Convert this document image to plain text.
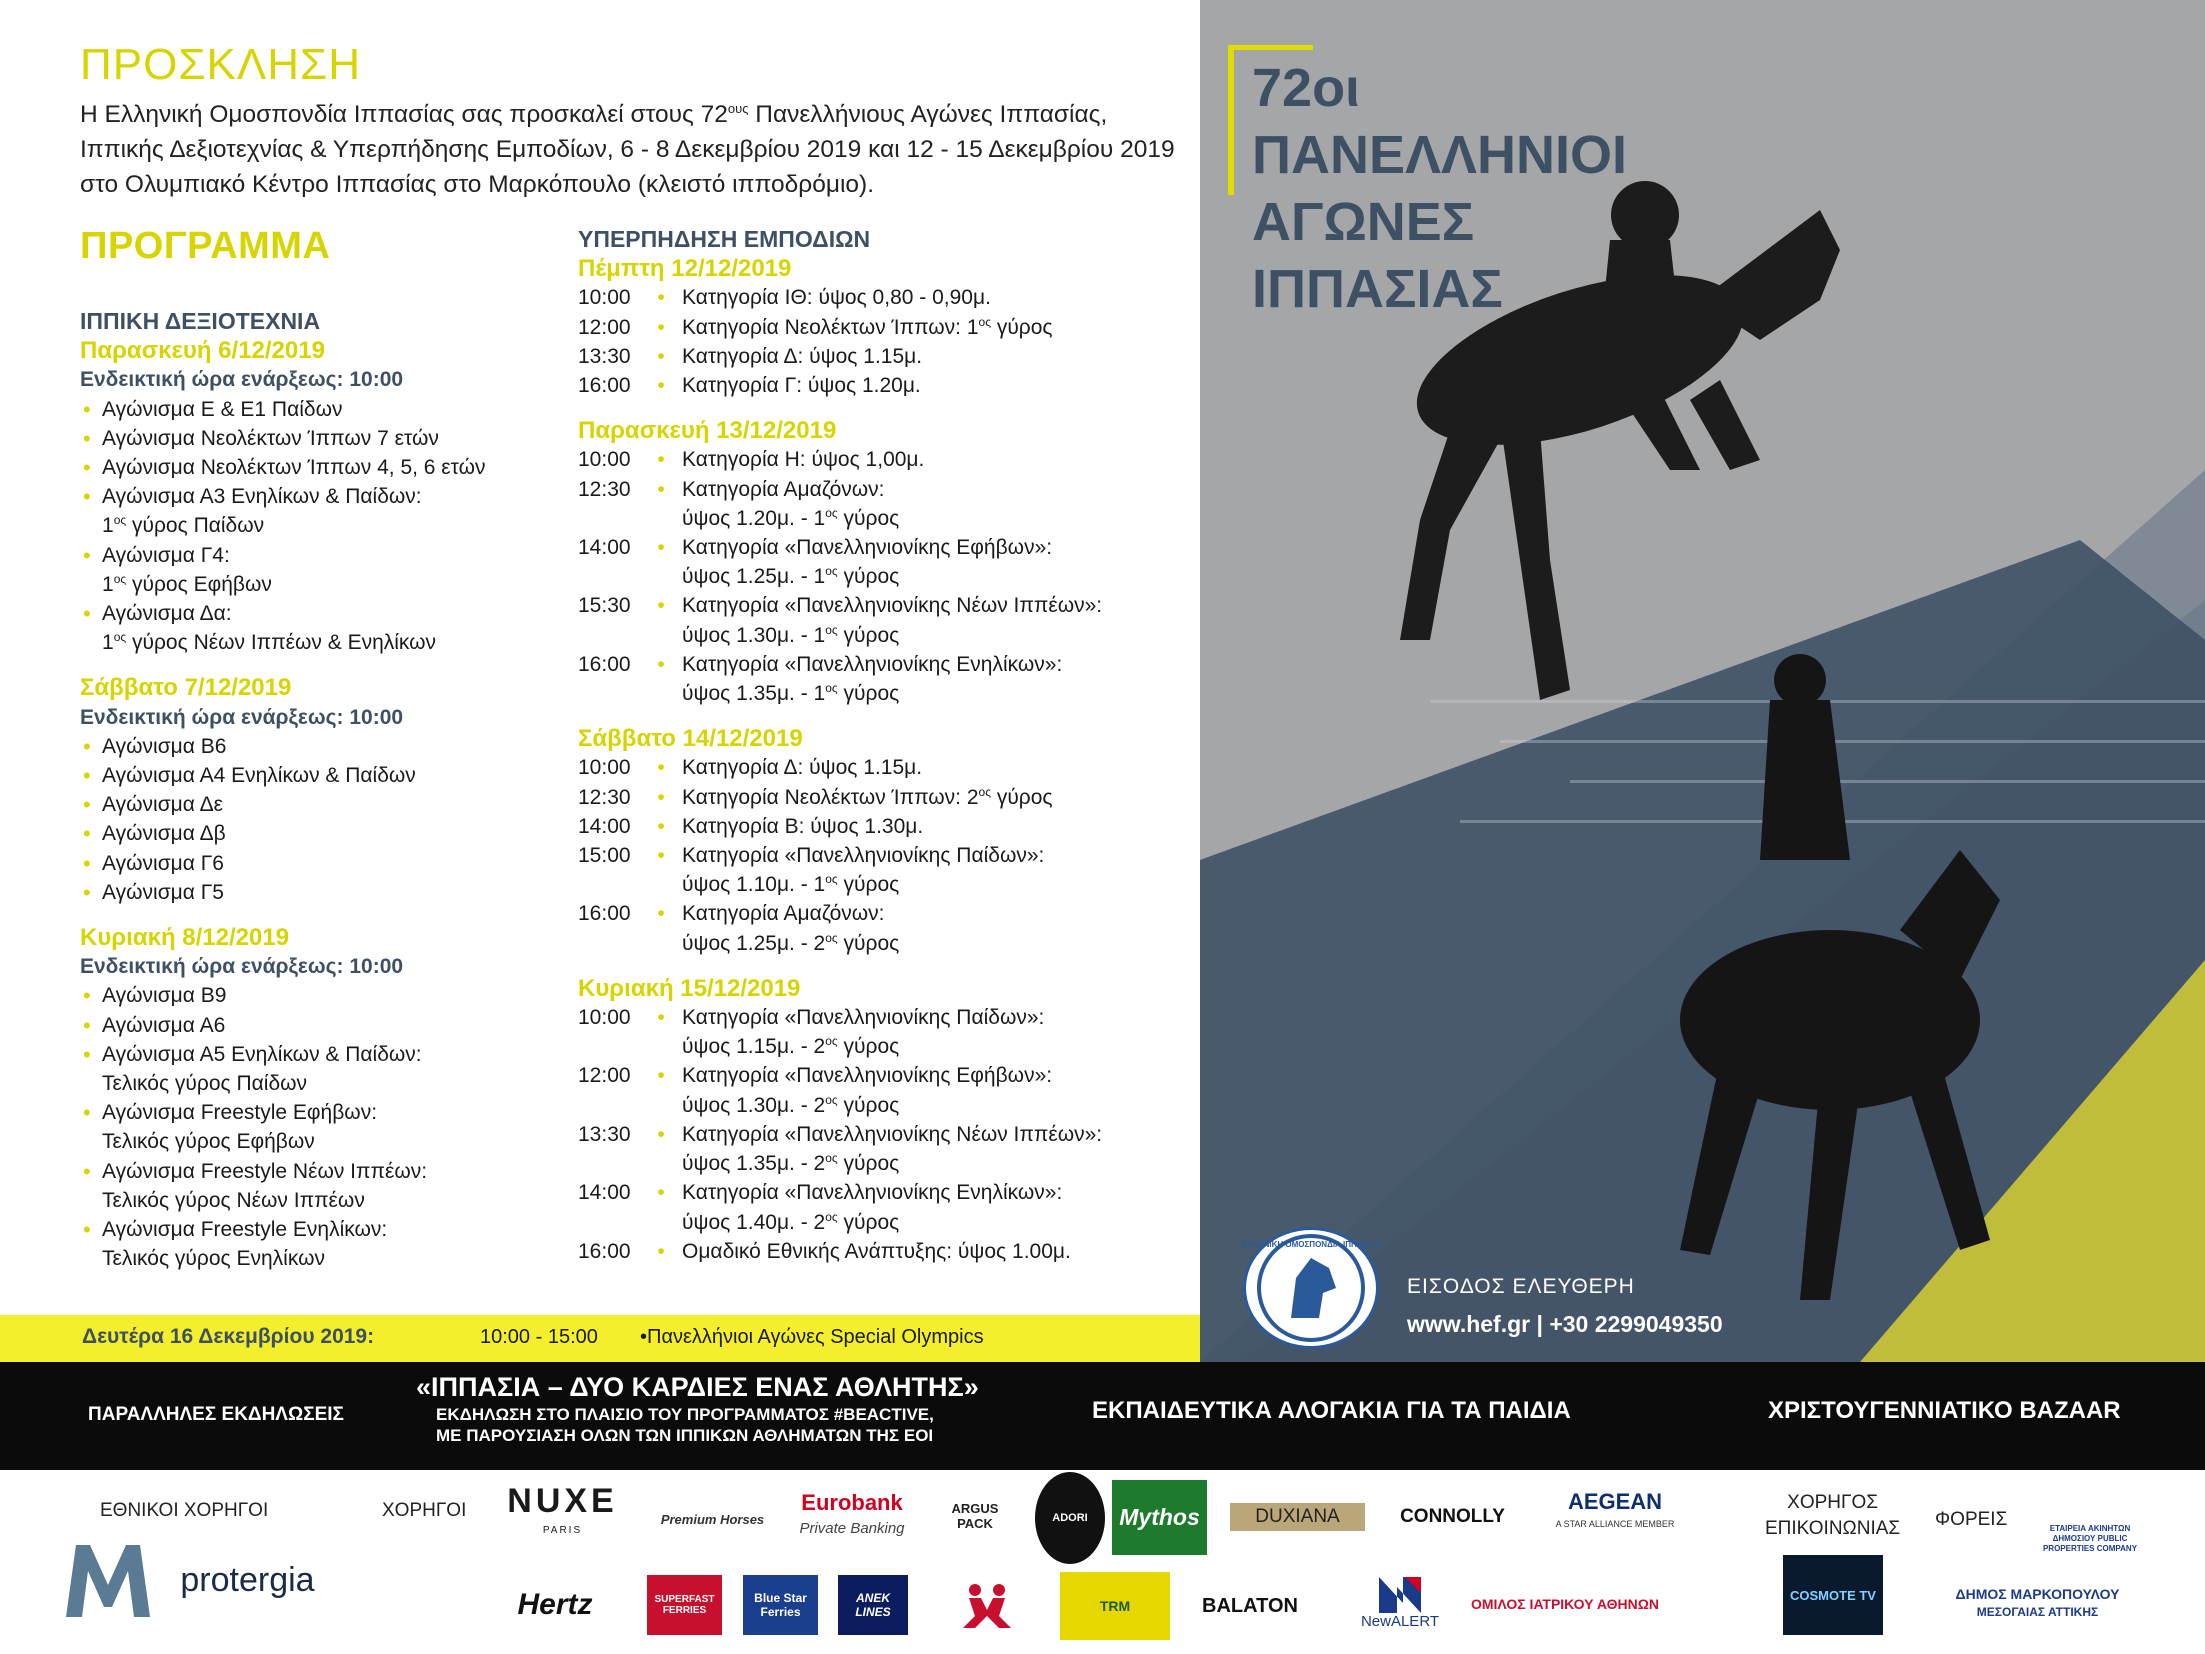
ΠΡΟΣΚΛΗΣΗ
Η Ελληνική Ομοσπονδία Ιππασίας σας προσκαλεί στους $72^{o\upsilon\varsigma}$ Πανελλήνιους Αγώνες Ιππασίας,
Ιππικής Δεξιοτεχνίας & Υπερπήδησης Εμποδίων, 6 - 8 Δεκεμβρίου 2019 και 12 - 15 Δεκεμβρίου 2019
στο Ολυμπιακό Κέντρο Ιππασίας στο Μαρκόπουλο (κλειστό ιπποδρόμιο).
ΠΡΟΓΡΑΜΜΑ
ΙΠΠΙΚΗ ΔΕΞΙΟΤΕΧΝΙΑ
Παρασκευή 6/12/2019
Ενδεικτική ώρα ενάρξεως: 10:00
• Αγώνισμα Ε & Ε1 Παίδων
• Αγώνισμα Νεολέκτων Ίππων 7 ετών
• Αγώνισμα Νεολέκτων Ίππων 4, 5, 6 ετών
• Αγώνισμα Α3 Ενηλίκων & Παίδων:
$1^{o\varsigma}$ γύρος Παίδων
• Αγώνισμα Γ4:
$1^{o\varsigma}$ γύρος Εφήβων
• Αγώνισμα Δα:
$1^{o\varsigma}$ γύρος Νέων Ιππέων & Ενηλίκων
Σάββατο 7/12/2019
Ενδεικτική ώρα ενάρξεως: 10:00
• Αγώνισμα Β6
• Αγώνισμα Α4 Ενηλίκων & Παίδων
• Αγώνισμα Δε
• Αγώνισμα Δβ
• Αγώνισμα Γ6
• Αγώνισμα Γ5
Κυριακή 8/12/2019
Ενδεικτική ώρα ενάρξεως: 10:00
• Αγώνισμα Β9
• Αγώνισμα Α6
• Αγώνισμα Α5 Ενηλίκων & Παίδων:
Τελικός γύρος Παίδων
• Αγώνισμα Freestyle Εφήβων:
Τελικός γύρος Εφήβων
• Αγώνισμα Freestyle Νέων Ιππέων:
Τελικός γύρος Νέων Ιππέων
• Αγώνισμα Freestyle Ενηλίκων:
Τελικός γύρος Ενηλίκων
ΥΠΕΡΠΗΔΗΣΗ ΕΜΠΟΔΙΩΝ
Πέμπτη 12/12/2019
10:00	• Κατηγορία ΙΘ: ύψος 0,80 - 0,90μ.
12:00	• Κατηγορία Νεολέκτων Ίππων: $1^{o\varsigma}$ γύρος
13:30	• Κατηγορία Δ: ύψος 1.15μ.
16:00	• Κατηγορία Γ: ύψος 1.20μ.
Παρασκευή 13/12/2019
10:00	• Κατηγορία Η: ύψος 1,00μ.
12:30	• Κατηγορία Αμαζόνων:
ύψος 1.20μ. - $1^{o\varsigma}$ γύρος
14:00	• Κατηγορία «Πανελληνιονίκης Εφήβων»:
ύψος 1.25μ. - $1^{o\varsigma}$ γύρος
15:30	• Κατηγορία «Πανελληνιονίκης Νέων Ιππέων»:
ύψος 1.30μ. - $1^{o\varsigma}$ γύρος
16:00	• Κατηγορία «Πανελληνιονίκης Ενηλίκων»:
ύψος 1.35μ. - $1^{o\varsigma}$ γύρος
Σάββατο 14/12/2019
10:00	• Κατηγορία Δ: ύψος 1.15μ.
12:30	• Κατηγορία Νεολέκτων Ίππων: $2^{o\varsigma}$ γύρος
14:00	• Κατηγορία Β: ύψος 1.30μ.
15:00	• Κατηγορία «Πανελληνιονίκης Παίδων»:
ύψος 1.10μ. - $1^{o\varsigma}$ γύρος
16:00	• Κατηγορία Αμαζόνων:
ύψος 1.25μ. - $2^{o\varsigma}$ γύρος
Κυριακή 15/12/2019
10:00	• Κατηγορία «Πανελληνιονίκης Παίδων»:
ύψος 1.15μ. - $2^{o\varsigma}$ γύρος
12:00	• Κατηγορία «Πανελληνιονίκης Εφήβων»:
ύψος 1.30μ. - $2^{o\varsigma}$ γύρος
13:30	• Κατηγορία «Πανελληνιονίκης Νέων Ιππέων»:
ύψος 1.35μ. - $2^{o\varsigma}$ γύρος
14:00	• Κατηγορία «Πανελληνιονίκης Ενηλίκων»:
ύψος 1.40μ. - $2^{o\varsigma}$ γύρος
16:00	• Ομαδικό Εθνικής Ανάπτυξης: ύψος 1.00μ.
Δευτέρα 16 Δεκεμβρίου 2019:	10:00 - 15:00 •Πανελλήνιοι Αγώνες Special Olympics
72οι
ΠΑΝΕΛΛΗΝΙΟΙ
ΑΓΩΝΕΣ
ΙΠΠΑΣΙΑΣ
ΕΛΛΗΝΙΚΗ ΟΜΟΣΠΟΝΔΙΑ ΙΠΠΑΣΙΑΣ
ΕΙΣΟΔΟΣ ΕΛΕΥΘΕΡΗ
www.hef.gr | +30 2299049350
ΠΑΡΑΛΛΗΛΕΣ ΕΚΔΗΛΩΣΕΙΣ
«ΙΠΠΑΣΙΑ – ΔΥΟ ΚΑΡΔΙΕΣ ΕΝΑΣ ΑΘΛΗΤΗΣ»
ΕΚΔΗΛΩΣΗ ΣΤΟ ΠΛΑΙΣΙΟ ΤΟΥ ΠΡΟΓΡΑΜΜΑΤΟΣ #BEACTIVE,
ΜΕ ΠΑΡΟΥΣΙΑΣΗ ΟΛΩΝ ΤΩΝ ΙΠΠΙΚΩΝ ΑΘΛΗΜΑΤΩΝ ΤΗΣ ΕΟΙ
ΕΚΠΑΙΔΕΥΤΙΚΑ ΑΛΟΓΑΚΙΑ ΓΙΑ ΤΑ ΠΑΙΔΙΑ	ΧΡΙΣΤΟΥΓΕΝΝΙΑΤΙΚΟ BAZAAR
ΕΘΝΙΚΟΙ ΧΟΡΗΓΟΙ	ΧΟΡΗΓΟΙ	ΧΟΡΗΓΟΣ
ΕΠΙΚΟΙΝΩΝΙΑΣ ΦΟΡΕΙΣ
protergia
NUXE
PARIS
Premium Horses
Eurobank
Private Banking
ARGUS PACK	ADORI	Mythos	DUXIANA	CONNOLLY
AEGEAN
A STAR ALLIANCE MEMBER
Hertz	SUPERFAST FERRIES
Blue Star Ferries
ANEK LINES	TRM	BALATON
NewALERT
ΟΜΙΛΟΣ ΙΑΤΡΙΚΟΥ ΑΘΗΝΩΝ
COSMOTE TV
ΕΤΑΙΡΕΙΑ ΑΚΙΝΗΤΩΝ ΔΗΜΟΣΙΟΥ PUBLIC PROPERTIES COMPANY
ΔΗΜΟΣ ΜΑΡΚΟΠΟΥΛΟΥ
ΜΕΣΟΓΑΙΑΣ ΑΤΤΙΚΗΣ
